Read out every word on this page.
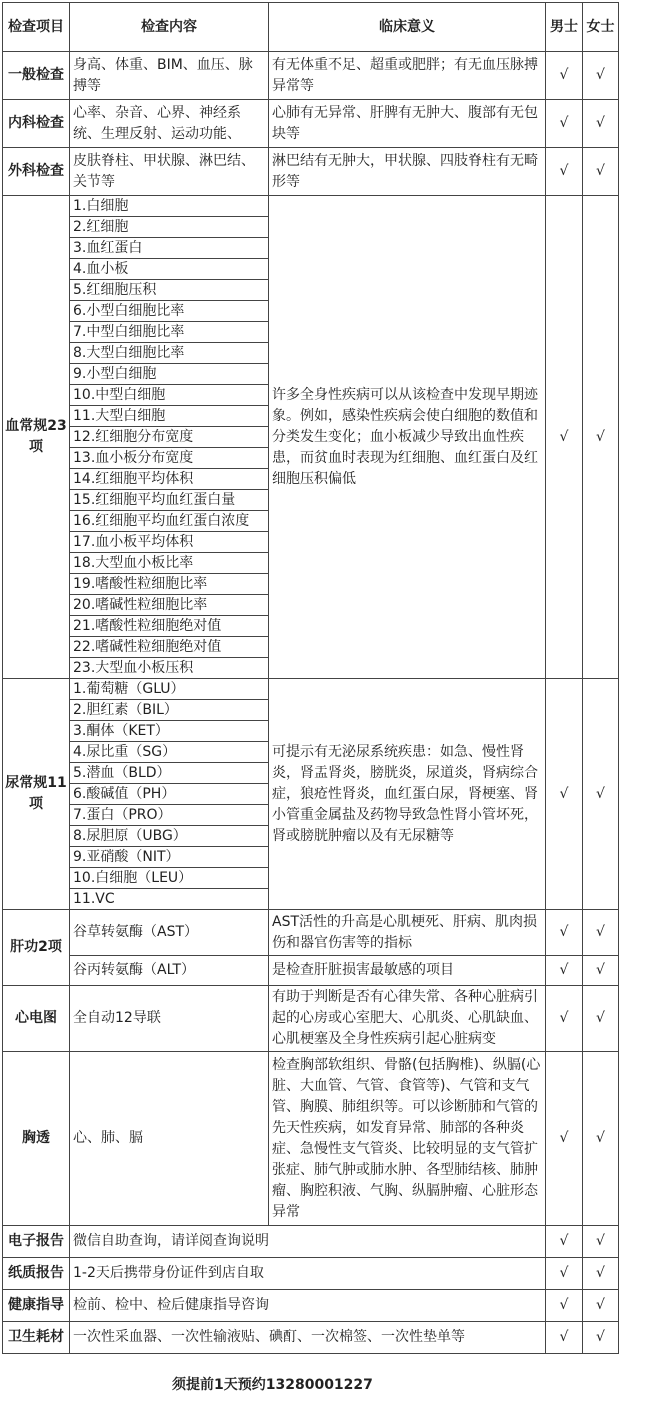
检查项目	检查内容	临床意义	男士	女士
一般检查	身高、体重、BIM、血压、脉搏等	有无体重不足、超重或肥胖；有无血压脉搏异常等	√	√
内科检查	心率、杂音、心界、神经系统、生理反射、运动功能、	心肺有无异常、肝脾有无肿大、腹部有无包块等	√	√
外科检查	皮肤脊柱、甲状腺、淋巴结、关节等	淋巴结有无肿大，甲状腺、四肢脊柱有无畸形等	√	√
血常规23项	1.白细胞	许多全身性疾病可以从该检查中发现早期迹象。例如，感染性疾病会使白细胞的数值和分类发生变化；血小板减少导致出血性疾患，而贫血时表现为红细胞、血红蛋白及红细胞压积偏低	√	√
	2.红细胞			
	3.血红蛋白			
	4.血小板			
	5.红细胞压积			
	6.小型白细胞比率			
	7.中型白细胞比率			
	8.大型白细胞比率			
	9.小型白细胞			
	10.中型白细胞			
	11.大型白细胞			
	12.红细胞分布宽度			
	13.血小板分布宽度			
	14.红细胞平均体积			
	15.红细胞平均血红蛋白量			
	16.红细胞平均血红蛋白浓度			
	17.血小板平均体积			
	18.大型血小板比率			
	19.嗜酸性粒细胞比率			
	20.嗜碱性粒细胞比率			
	21.嗜酸性粒细胞绝对值			
	22.嗜碱性粒细胞绝对值			
	23.大型血小板压积			
尿常规11项	1.葡萄糖（GLU）	可提示有无泌尿系统疾患：如急、慢性肾炎，肾盂肾炎，膀胱炎，尿道炎，肾病综合症，狼疮性肾炎，血红蛋白尿，肾梗塞、肾小管重金属盐及药物导致急性肾小管坏死，肾或膀胱肿瘤以及有无尿糖等	√	√
	2.胆红素（BIL）			
	3.酮体（KET）			
	4.尿比重（SG）			
	5.潜血（BLD）			
	6.酸碱值（PH）			
	7.蛋白（PRO）			
	8.尿胆原（UBG）			
	9.亚硝酸（NIT）			
	10.白细胞（LEU）			
	11.VC			
肝功2项	谷草转氨酶（AST）	AST活性的升高是心肌梗死、肝病、肌肉损伤和器官伤害等的指标	√	√
	谷丙转氨酶（ALT）	是检查肝脏损害最敏感的项目	√	√
心电图	全自动12导联	有助于判断是否有心律失常、各种心脏病引起的心房或心室肥大、心肌炎、心肌缺血、心肌梗塞及全身性疾病引起心脏病变	√	√
胸透	心、肺、膈	检查胸部软组织、骨骼(包括胸椎)、纵膈(心脏、大血管、气管、食管等)、气管和支气管、胸膜、肺组织等。可以诊断肺和气管的先天性疾病，如发育异常、肺部的各种炎症、急慢性支气管炎、比较明显的支气管扩张症、肺气肿或肺水肿、各型肺结核、肺肿瘤、胸腔积液、气胸、纵膈肿瘤、心脏形态异常	√	√
电子报告	微信自助查询，请详阅查询说明		√	√
纸质报告	1-2天后携带身份证件到店自取		√	√
健康指导	检前、检中、检后健康指导咨询		√	√
卫生耗材	一次性采血器、一次性输液贴、碘酊、一次棉签、一次性垫单等		√	√
须提前1天预约13280001227
